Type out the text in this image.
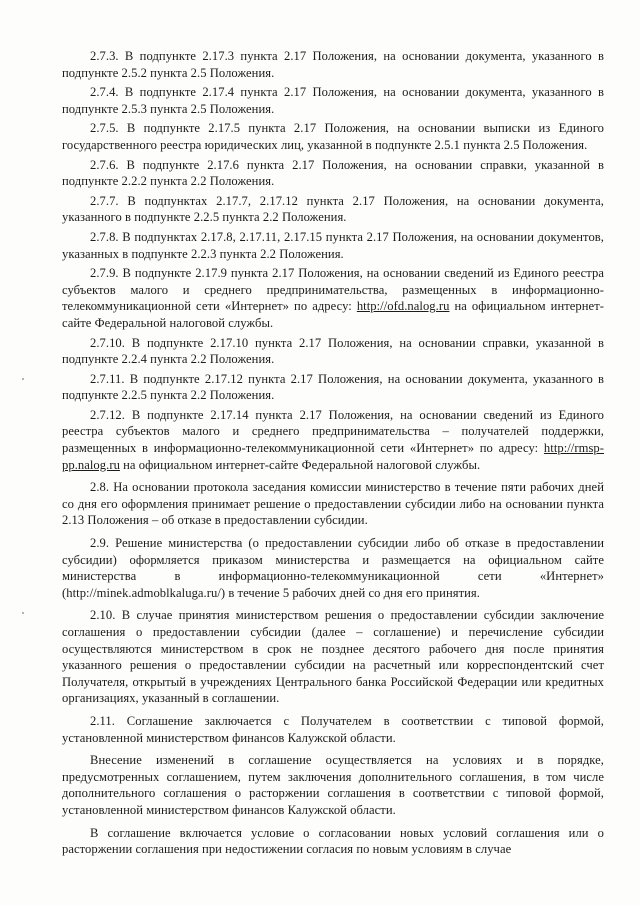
2.7.3. В подпункте 2.17.3 пункта 2.17 Положения, на основании документа, указанного в подпункте 2.5.2 пункта 2.5 Положения.

2.7.4. В подпункте 2.17.4 пункта 2.17 Положения, на основании документа, указанного в подпункте 2.5.3 пункта 2.5 Положения.

2.7.5. В подпункте 2.17.5 пункта 2.17 Положения, на основании выписки из Единого государственного реестра юридических лиц, указанной в подпункте 2.5.1 пункта 2.5 Положения.

2.7.6. В подпункте 2.17.6 пункта 2.17 Положения, на основании справки, указанной в подпункте 2.2.2 пункта 2.2 Положения.

2.7.7. В подпунктах 2.17.7, 2.17.12 пункта 2.17 Положения, на основании документа, указанного в подпункте 2.2.5 пункта 2.2 Положения.

2.7.8. В подпунктах 2.17.8, 2.17.11, 2.17.15 пункта 2.17 Положения, на основании документов, указанных в подпункте 2.2.3 пункта 2.2 Положения.

2.7.9. В подпункте 2.17.9 пункта 2.17 Положения, на основании сведений из Единого реестра субъектов малого и среднего предпринимательства, размещенных в информационно-телекоммуникационной сети «Интернет» по адресу: http://ofd.nalog.ru на официальном интернет-сайте Федеральной налоговой службы.

2.7.10. В подпункте 2.17.10 пункта 2.17 Положения, на основании справки, указанной в подпункте 2.2.4 пункта 2.2 Положения.

2.7.11. В подпункте 2.17.12 пункта 2.17 Положения, на основании документа, указанного в подпункте 2.2.5 пункта 2.2 Положения.

2.7.12. В подпункте 2.17.14 пункта 2.17 Положения, на основании сведений из Единого реестра субъектов малого и среднего предпринимательства – получателей поддержки, размещенных в информационно-телекоммуникационной сети «Интернет» по адресу: http://rmsp-pp.nalog.ru на официальном интернет-сайте Федеральной налоговой службы.

2.8. На основании протокола заседания комиссии министерство в течение пяти рабочих дней со дня его оформления принимает решение о предоставлении субсидии либо на основании пункта 2.13 Положения – об отказе в предоставлении субсидии.

2.9. Решение министерства (о предоставлении субсидии либо об отказе в предоставлении субсидии) оформляется приказом министерства и размещается на официальном сайте министерства в информационно-телекоммуникационной сети «Интернет» (http://minek.admoblkaluga.ru/) в течение 5 рабочих дней со дня его принятия.

2.10. В случае принятия министерством решения о предоставлении субсидии заключение соглашения о предоставлении субсидии (далее – соглашение) и перечисление субсидии осуществляются министерством в срок не позднее десятого рабочего дня после принятия указанного решения о предоставлении субсидии на расчетный или корреспондентский счет Получателя, открытый в учреждениях Центрального банка Российской Федерации или кредитных организациях, указанный в соглашении.

2.11. Соглашение заключается с Получателем в соответствии с типовой формой, установленной министерством финансов Калужской области.

Внесение изменений в соглашение осуществляется на условиях и в порядке, предусмотренных соглашением, путем заключения дополнительного соглашения, в том числе дополнительного соглашения о расторжении соглашения в соответствии с типовой формой, установленной министерством финансов Калужской области.

В соглашение включается условие о согласовании новых условий соглашения или о расторжении соглашения при недостижении согласия по новым условиям в случае
